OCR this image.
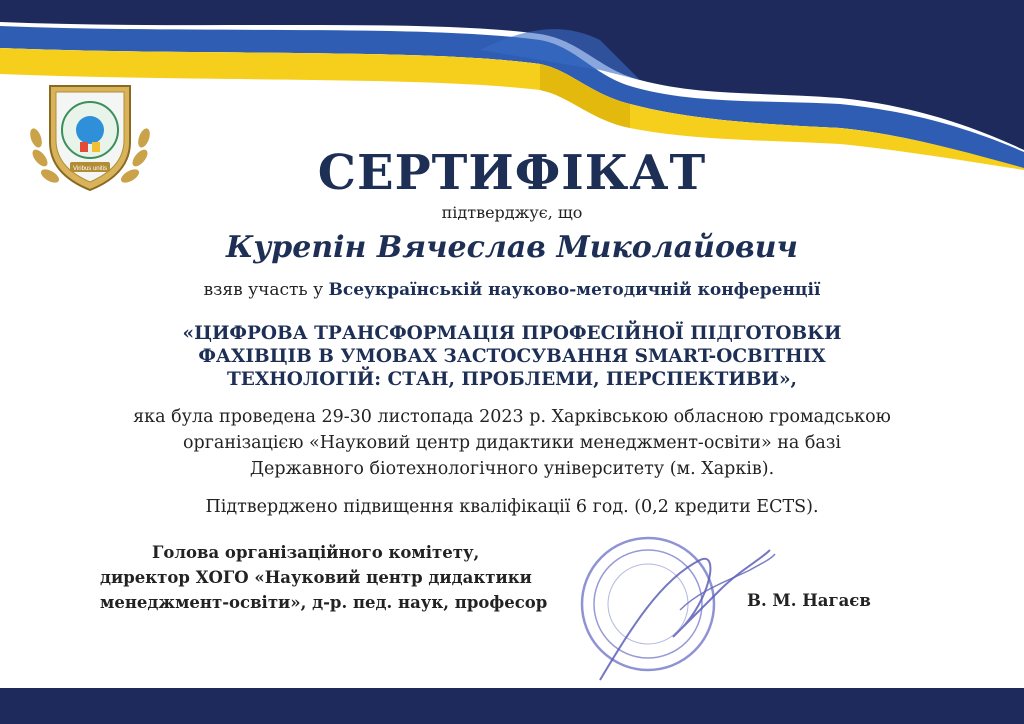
Viribus unitis	СЕРТИФІКАТ
підтверджує, що
Курепін Вячеслав Миколайович
взяв участь у Всеукраїнській науково-методичній конференції
«ЦИФРОВА ТРАНСФОРМАЦІЯ ПРОФЕСІЙНОЇ ПІДГОТОВКИ
ФАХІВЦІВ В УМОВАХ ЗАСТОСУВАННЯ SMART-ОСВІТНІХ
ТЕХНОЛОГІЙ: СТАН, ПРОБЛЕМИ, ПЕРСПЕКТИВИ»,
яка була проведена 29-30 листопада 2023 р. Харківською обласною громадською
організацією «Науковий центр дидактики менеджмент-освіти» на базі
Державного біотехнологічного університету (м. Харків).
Підтверджено підвищення кваліфікації 6 год. (0,2 кредити ECTS).
Голова організаційного комітету,
директор ХОГО «Науковий центр дидактики
менеджмент-освіти», д-р. пед. наук, професор	В. М. Нагаєв
